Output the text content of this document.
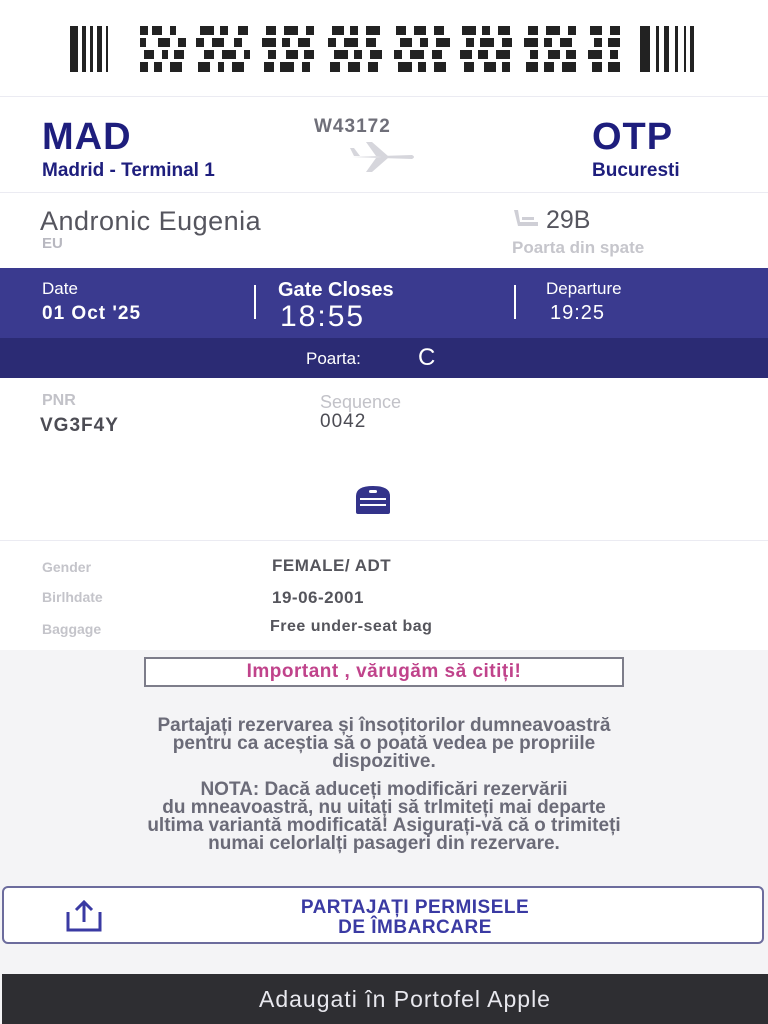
MAD
Madrid - Terminal 1
W43172	OTP
Bucuresti
Andronic Eugenia
EU
29B
Poarta din spate
Date
01 Oct '25
Gate Closes
18:55
Departure
19:25
Poarta: C
PNR
VG3F4Y
Sequence
0042
Gender	FEMALE/ ADT
Birlhdate	19-06-2001
Baggage	Free under-seat bag
Important , vărugăm să citiți!
Partajați rezervarea și însoțitorilor dumneavoastră
pentru ca aceștia să o poată vedea pe propriile
dispozitive.
NOTA: Dacă aduceți modificări rezervării
du mneavoastră, nu uitați să trlmiteți mai departe
ultima variantă modificată! Asigurați-vă că o trimiteți
numai celorlalți pasageri din rezervare.
PARTAJAȚI PERMISELE
DE ÎMBARCARE
Adaugati în Portofel Apple
